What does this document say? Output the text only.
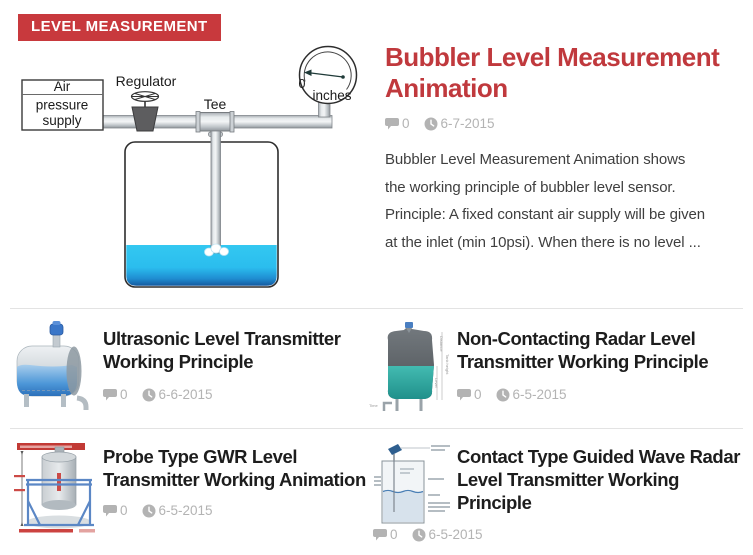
LEVEL MEASUREMENT
Air
pressure
supply
Regulator
Tee
0
inches
Bubbler Level Measurement
Animation
0 6-7-2015
Bubbler Level Measurement Animation shows
the working principle of bubbler level sensor.
Principle: A fixed constant air supply will be given
at the inlet (min 10psi). When there is no level ...
Ultrasonic Level Transmitter
Working Principle
0 6-6-2015
Distance
Tank height
Level
Time
Non-Contacting Radar Level
Transmitter Working Principle
0 6-5-2015
Probe Type GWR Level
Transmitter Working Animation
0 6-5-2015
Contact Type Guided Wave Radar
Level Transmitter Working
Principle
0 6-5-2015
